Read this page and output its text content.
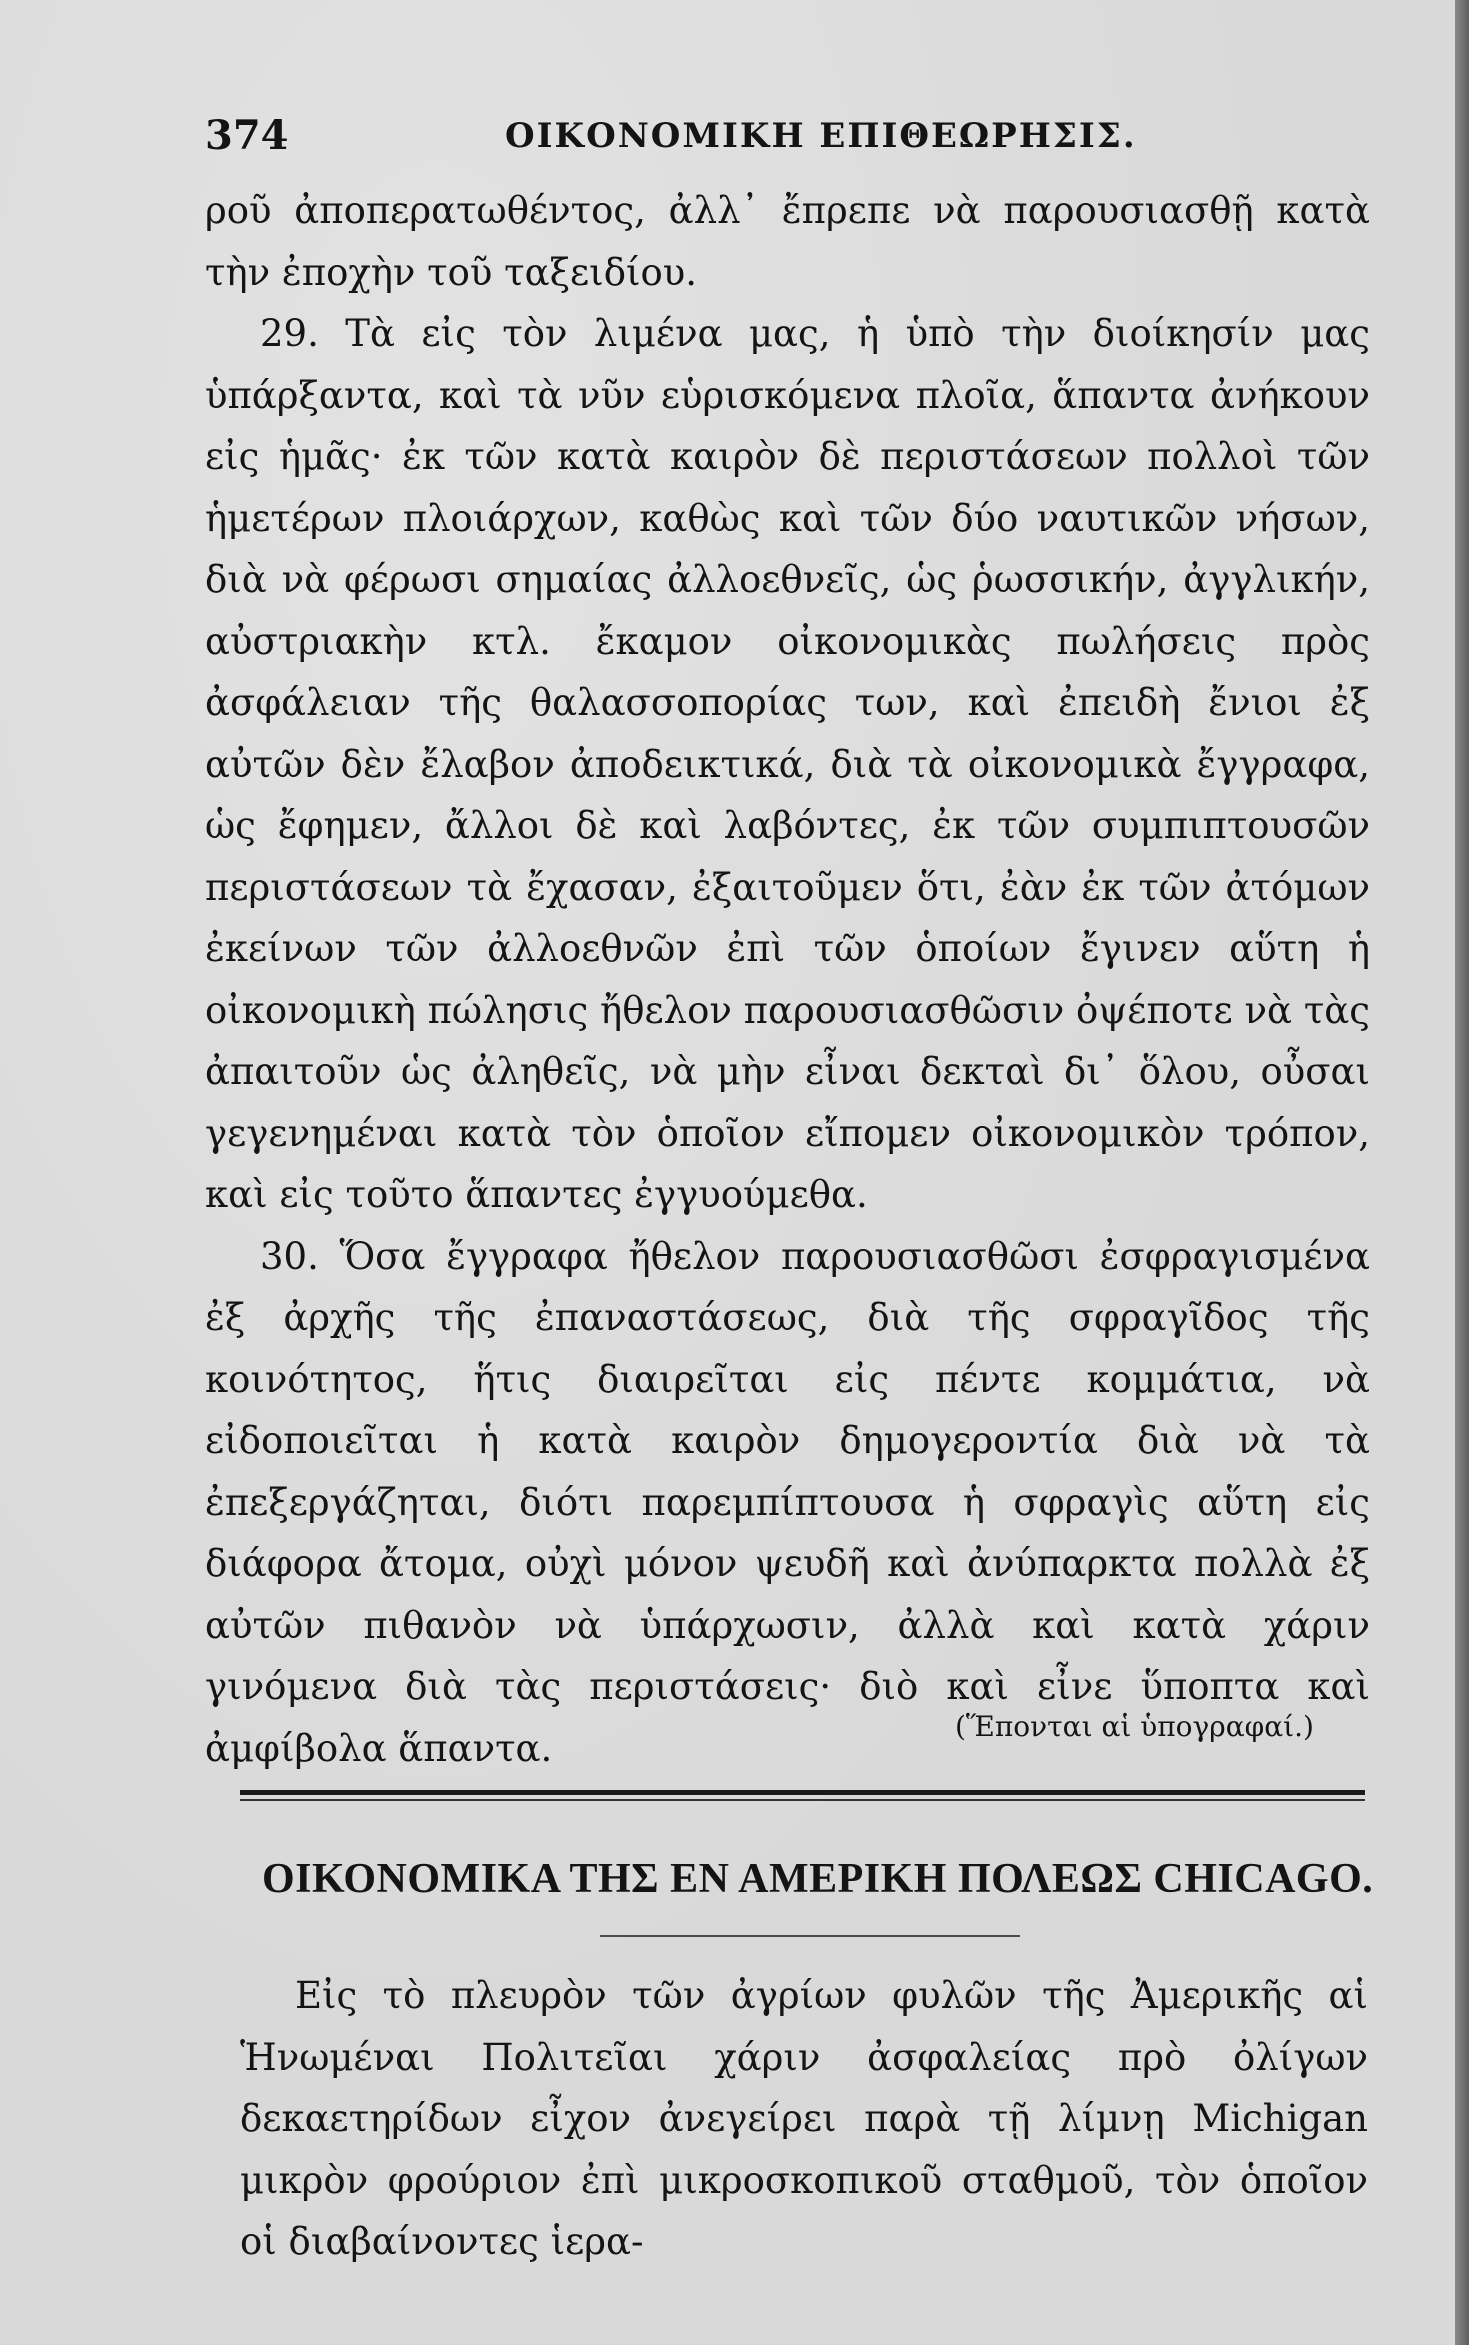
374	ΟΙΚΟΝΟΜΙΚΗ ΕΠΙΘΕΩΡΗΣΙΣ.

ροῦ ἀποπερατωθέντος, ἀλλ᾽ ἔπρεπε νὰ παρουσιασθῇ κατὰ τὴν ἐποχὴν τοῦ ταξειδίου.

29. Τὰ εἰς τὸν λιμένα μας, ἡ ὑπὸ τὴν διοίκησίν μας ὑπάρξαντα, καὶ τὰ νῦν εὑρισκόμενα πλοῖα, ἅπαντα ἀνήκουν εἰς ἡμᾶς· ἐκ τῶν κατὰ καιρὸν δὲ περιστάσεων πολλοὶ τῶν ἡμετέρων πλοιάρχων, καθὼς καὶ τῶν δύο ναυτικῶν νήσων, διὰ νὰ φέρωσι σημαίας ἀλλοεθνεῖς, ὡς ῥωσσικήν, ἀγγλικήν, αὐστριακὴν κτλ. ἔκαμον οἰκονομικὰς πωλήσεις πρὸς ἀσφάλειαν τῆς θαλασσοπορίας των, καὶ ἐπειδὴ ἔνιοι ἐξ αὐτῶν δὲν ἔλαβον ἀποδεικτικά, διὰ τὰ οἰκονομικὰ ἔγγραφα, ὡς ἔφημεν, ἄλλοι δὲ καὶ λαβόντες, ἐκ τῶν συμπιπτουσῶν περιστάσεων τὰ ἔχασαν, ἐξαιτοῦμεν ὅτι, ἐὰν ἐκ τῶν ἀτόμων ἐκείνων τῶν ἀλλοεθνῶν ἐπὶ τῶν ὁποίων ἔγινεν αὕτη ἡ οἰκονομικὴ πώλησις ἤθελον παρουσιασθῶσιν ὀψέποτε νὰ τὰς ἀπαιτοῦν ὡς ἀληθεῖς, νὰ μὴν εἶναι δεκταὶ δι᾽ ὅλου, οὖσαι γεγενημέναι κατὰ τὸν ὁποῖον εἴπομεν οἰκονομικὸν τρόπον, καὶ εἰς τοῦτο ἅπαντες ἐγγυούμεθα.

30. Ὅσα ἔγγραφα ἤθελον παρουσιασθῶσι ἐσφραγισμένα ἐξ ἀρχῆς τῆς ἐπαναστάσεως, διὰ τῆς σφραγῖδος τῆς κοινότητος, ἥτις διαιρεῖται εἰς πέντε κομμάτια, νὰ εἰδοποιεῖται ἡ κατὰ καιρὸν δημογεροντία διὰ νὰ τὰ ἐπεξεργάζηται, διότι παρεμπίπτουσα ἡ σφραγὶς αὕτη εἰς διάφορα ἄτομα, οὐχὶ μόνον ψευδῆ καὶ ἀνύπαρκτα πολλὰ ἐξ αὐτῶν πιθανὸν νὰ ὑπάρχωσιν, ἀλλὰ καὶ κατὰ χάριν γινόμενα διὰ τὰς περιστάσεις· διὸ καὶ εἶνε ὕποπτα καὶ ἀμφίβολα ἅπαντα.	(Ἕπονται αἱ ὑπογραφαί.)
ΟΙΚΟΝΟΜΙΚΑ ΤΗΣ ΕΝ ΑΜΕΡΙΚΗ ΠΟΛΕΩΣ CHICAGO.

Εἰς τὸ πλευρὸν τῶν ἀγρίων φυλῶν τῆς Ἀμερικῆς αἱ Ἡνωμέναι Πολιτεῖαι χάριν ἀσφαλείας πρὸ ὀλίγων δεκαετηρίδων εἶχον ἀνεγείρει παρὰ τῇ λίμνῃ Michigan μικρὸν φρούριον ἐπὶ μικροσκοπικοῦ σταθμοῦ, τὸν ὁποῖον οἱ διαβαίνοντες ἱερα-
